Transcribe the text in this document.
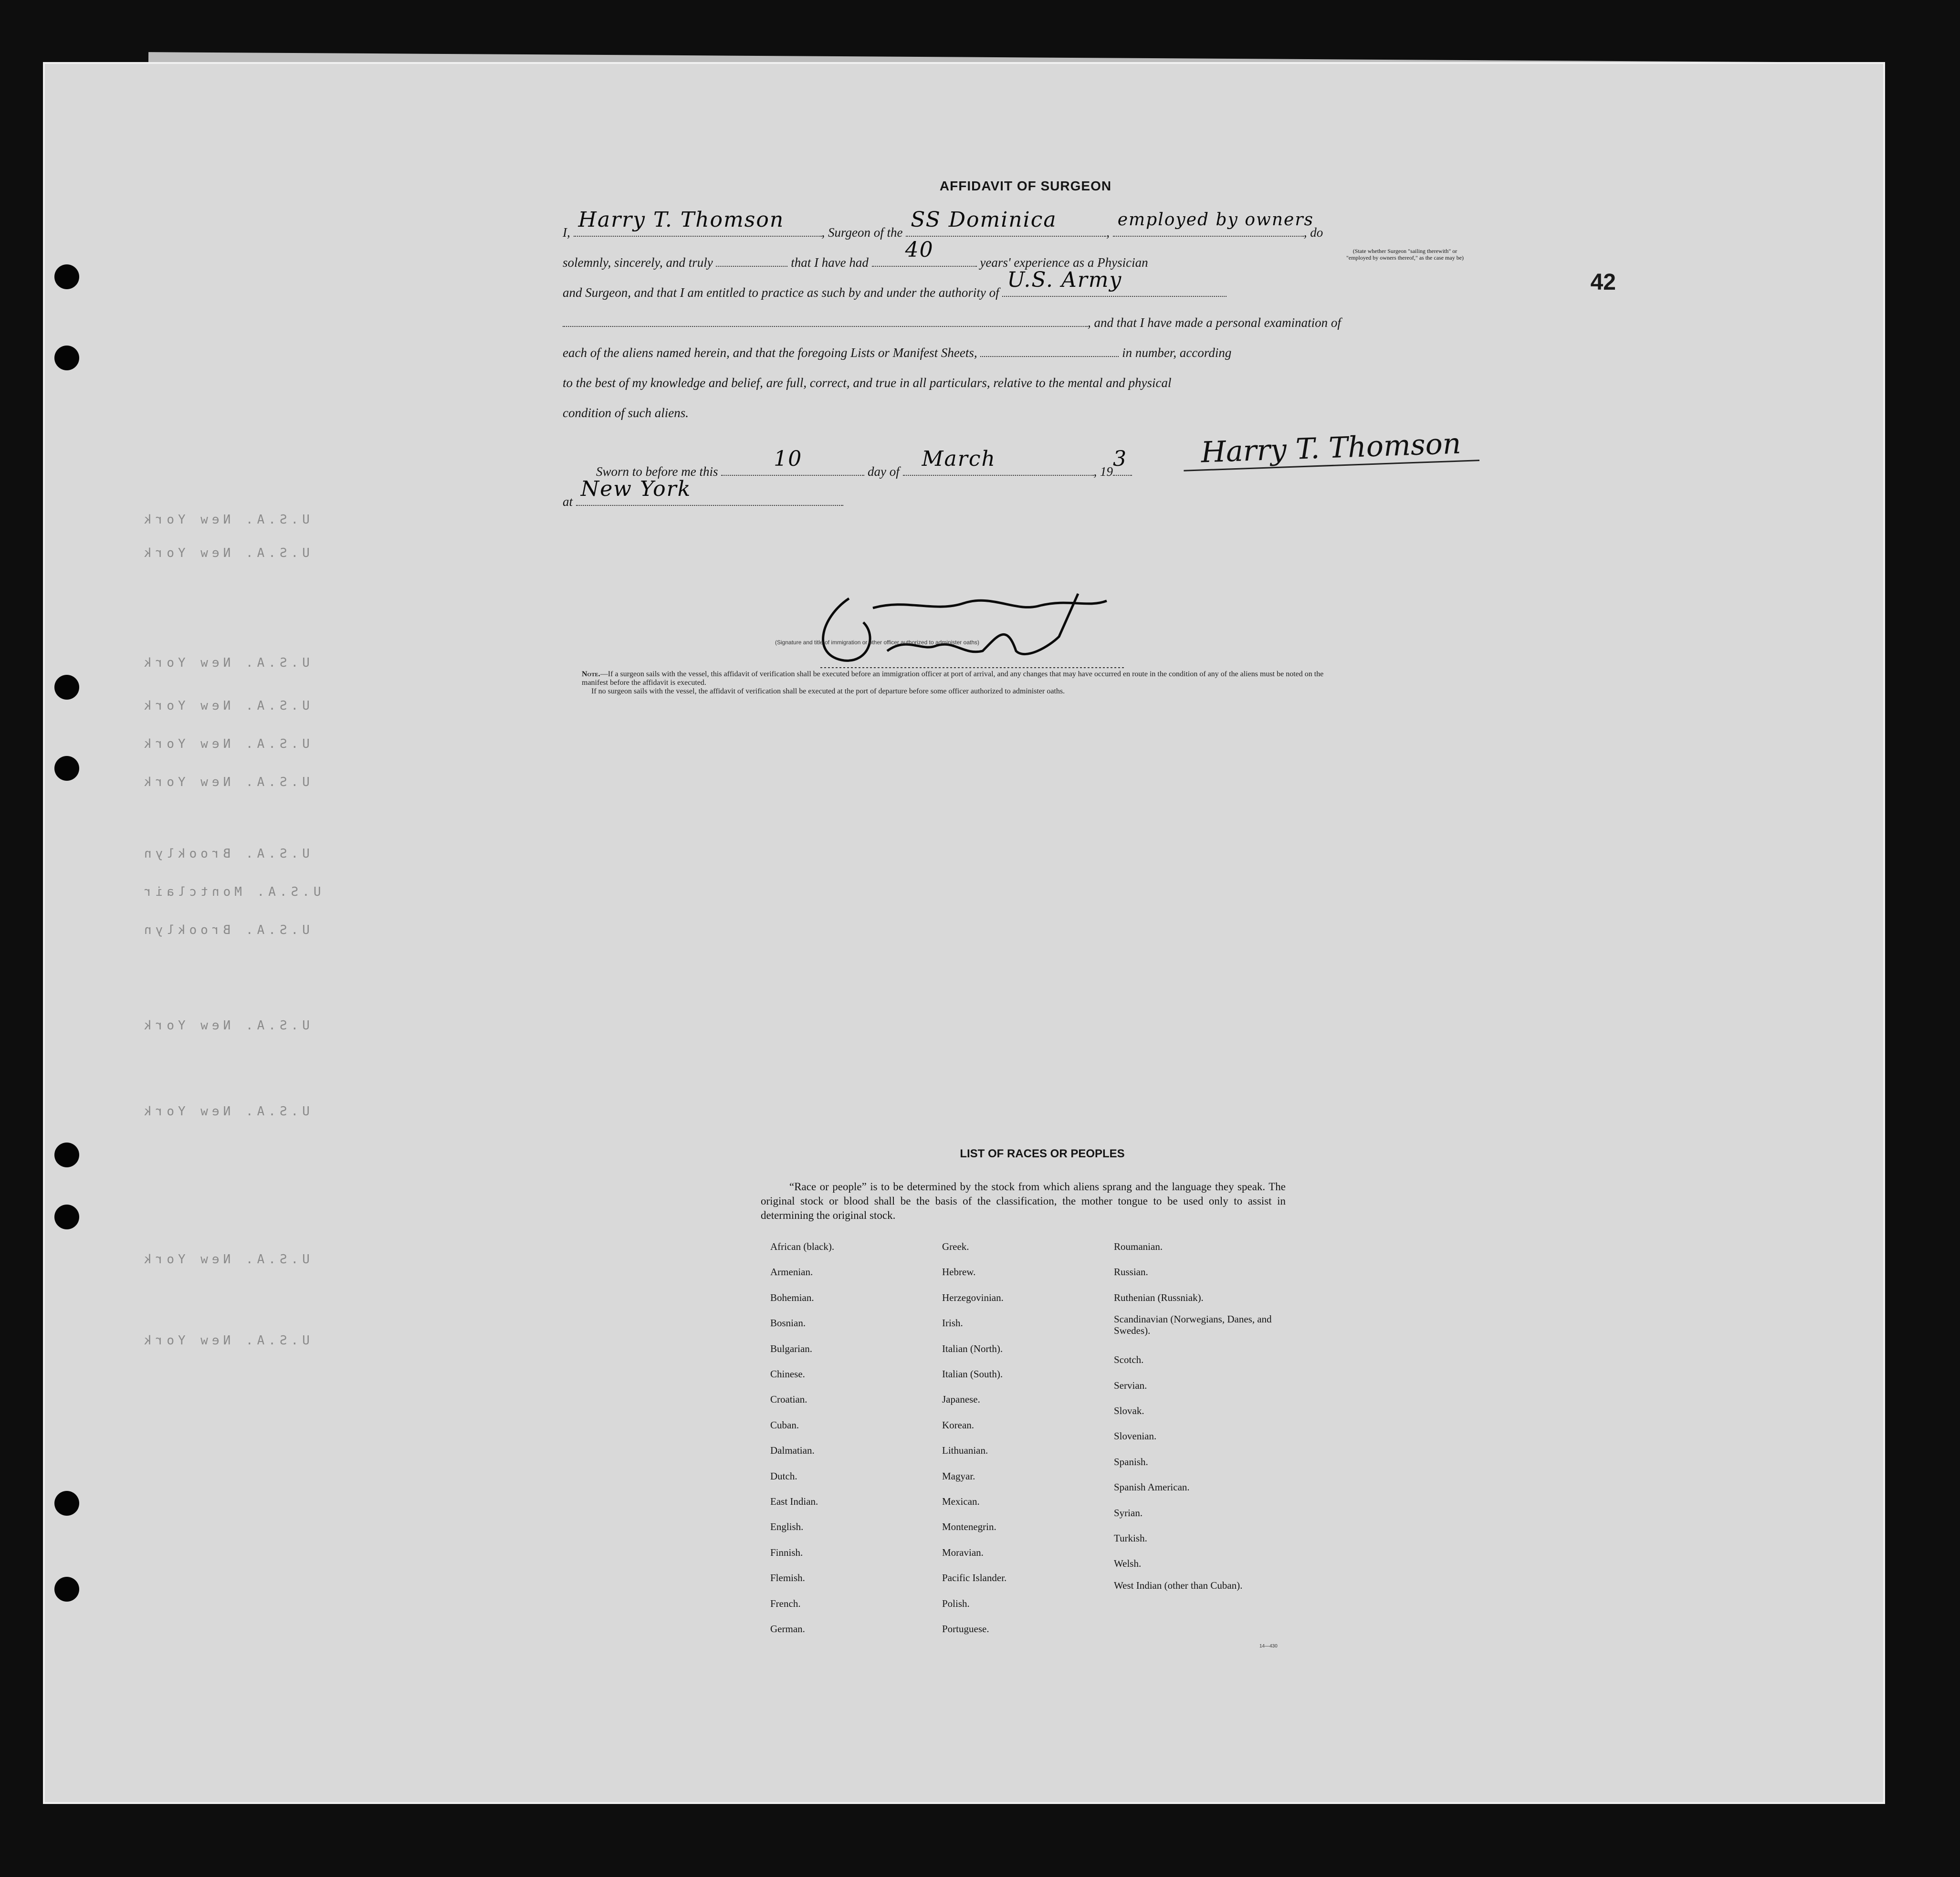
U.S.A. New York
U.S.A. New York
U.S.A. New York
U.S.A. New York
U.S.A. New York
U.S.A. New York
U.S.A. Brooklyn
U.S.A. Montclair
U.S.A. Brooklyn
U.S.A. New York
U.S.A. New York
U.S.A. New York
U.S.A. New York
42
AFFIDAVIT OF SURGEON
I,
Harry T. Thomson
, Surgeon of the
SS Dominica
,
employed by owners
, do
solemnly, sincerely, and truly	that I have had
40
	(State whether Surgeon "sailing therewith" or "employed by owners thereof," as the case may be)
years' experience as a Physician
and Surgeon, and that I am entitled to practice as such by and under the authority of
U.S. Army
, and that I have made a personal examination of
each of the aliens named herein, and that the foregoing Lists or Manifest Sheets,	in number, according
to the best of my knowledge and belief, are full, correct, and true in all particulars, relative to the mental and physical
condition of such aliens.
Harry T. Thomson
Sworn to before me this
10
day of
March
, 19
3
at
New York
(Signature and title of immigration or other officer authorized to administer oaths)
Note.—If a surgeon sails with the vessel, this affidavit of verification shall be executed before an immigration officer at port of arrival, and any changes that may have occurred en route in the condition of any of the aliens must be noted on the manifest before the affidavit is executed.
If no surgeon sails with the vessel, the affidavit of verification shall be executed at the port of departure before some officer authorized to administer oaths.
LIST OF RACES OR PEOPLES
“Race or people” is to be determined by the stock from which aliens sprang and the language they speak. The original stock or blood shall be the basis of the classification, the mother tongue to be used only to assist in determining the original stock.
African (black).
Armenian.
Bohemian.
Bosnian.
Bulgarian.
Chinese.
Croatian.
Cuban.
Dalmatian.
Dutch.
East Indian.
English.
Finnish.
Flemish.
French.
German.
Greek.
Hebrew.
Herzegovinian.
Irish.
Italian (North).
Italian (South).
Japanese.
Korean.
Lithuanian.
Magyar.
Mexican.
Montenegrin.
Moravian.
Pacific Islander.
Polish.
Portuguese.
Roumanian.
Russian.
Ruthenian (Russniak).
Scandinavian (Norwegians, Danes, and Swedes).
Scotch.
Servian.
Slovak.
Slovenian.
Spanish.
Spanish American.
Syrian.
Turkish.
Welsh.
West Indian (other than Cuban).
14—430
